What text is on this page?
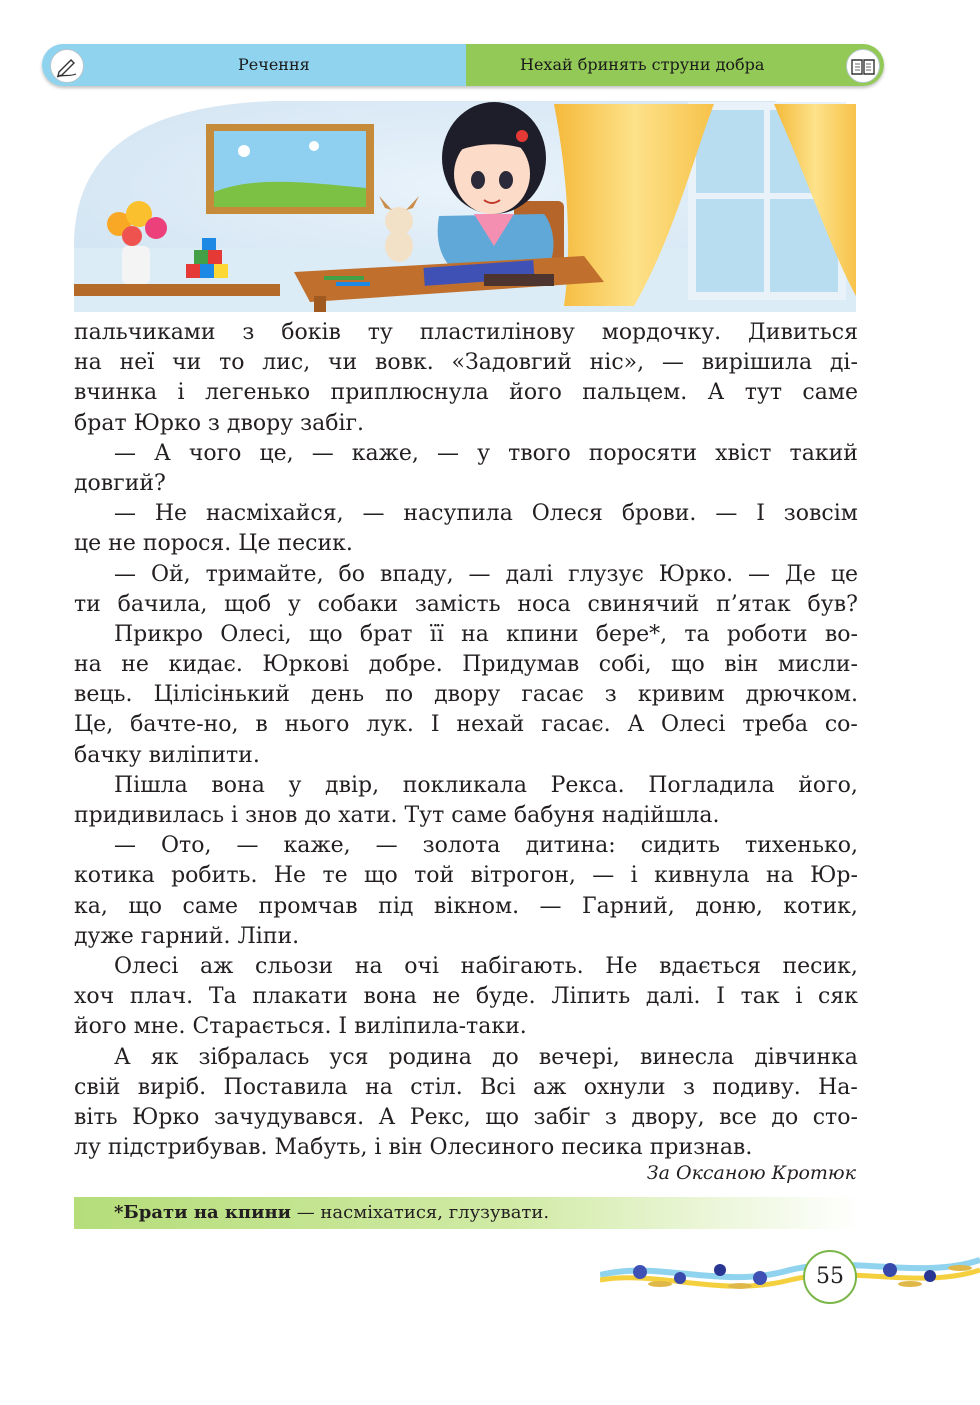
Речення	Нехай бринять струни добра
пальчиками з боків ту пластилінову мордочку. Дивиться
на неї чи то лис, чи вовк. «Задовгий ніс», — вирішила ді-
вчинка і легенько приплюснула його пальцем. А тут саме
брат Юрко з двору забіг.
— А чого це, — каже, — у твого поросяти хвіст такий
довгий?
— Не насміхайся, — насупила Олеся брови. — І зовсім
це не порося. Це песик.
— Ой, тримайте, бо впаду, — далі глузує Юрко. — Де це
ти бачила, щоб у собаки замість носа свинячий п’ятак був?
Прикро Олесі, що брат її на кпини бере*, та роботи во-
на не кидає. Юркові добре. Придумав собі, що він мисли-
вець. Цілісінький день по двору гасає з кривим дрючком.
Це, бачте-но, в нього лук. І нехай гасає. А Олесі треба со-
бачку виліпити.
Пішла вона у двір, покликала Рекса. Погладила його,
придивилась і знов до хати. Тут саме бабуня надійшла.
— Ото, — каже, — золота дитина: сидить тихенько,
котика робить. Не те що той вітрогон, — і кивнула на Юр-
ка, що саме промчав під вікном. — Гарний, доню, котик,
дуже гарний. Ліпи.
Олесі аж сльози на очі набігають. Не вдається песик,
хоч плач. Та плакати вона не буде. Ліпить далі. І так і сяк
його мне. Старається. І виліпила-таки.
А як зібралась уся родина до вечері, винесла дівчинка
свій виріб. Поставила на стіл. Всі аж охнули з подиву. На-
віть Юрко зачудувався. А Рекс, що забіг з двору, все до сто-
лу підстрибував. Мабуть, і він Олесиного песика признав.
За Оксаною Кротюк
*Брати на кпини — насміхатися, глузувати.
55
